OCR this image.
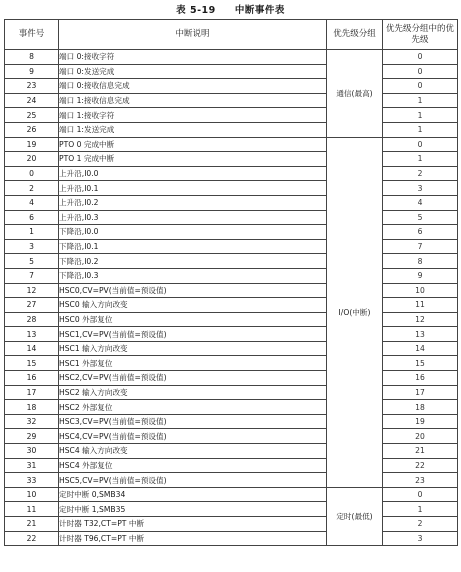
表 5-19 中断事件表
事件号	中断说明	优先级分组	优先级分组中的优先级
8	端口 0:接收字符	通信(最高)	0
9	端口 0:发送完成		0
23	端口 0:接收信息完成		0
24	端口 1:接收信息完成		1
25	端口 1:接收字符		1
26	端口 1:发送完成		1
19	PTO 0 完成中断	I/O(中断)	0
20	PTO 1 完成中断		1
0	上升沿,I0.0		2
2	上升沿,I0.1		3
4	上升沿,I0.2		4
6	上升沿,I0.3		5
1	下降沿,I0.0		6
3	下降沿,I0.1		7
5	下降沿,I0.2		8
7	下降沿,I0.3		9
12	HSC0,CV=PV(当前值=预设值)		10
27	HSC0 输入方向改变		11
28	HSC0 外部复位		12
13	HSC1,CV=PV(当前值=预设值)		13
14	HSC1 输入方向改变		14
15	HSC1 外部复位		15
16	HSC2,CV=PV(当前值=预设值)		16
17	HSC2 输入方向改变		17
18	HSC2 外部复位		18
32	HSC3,CV=PV(当前值=预设值)		19
29	HSC4,CV=PV(当前值=预设值)		20
30	HSC4 输入方向改变		21
31	HSC4 外部复位		22
33	HSC5,CV=PV(当前值=预设值)		23
10	定时中断 0,SMB34	定时(最低)	0
11	定时中断 1,SMB35		1
21	计时器 T32,CT=PT 中断		2
22	计时器 T96,CT=PT 中断		3
